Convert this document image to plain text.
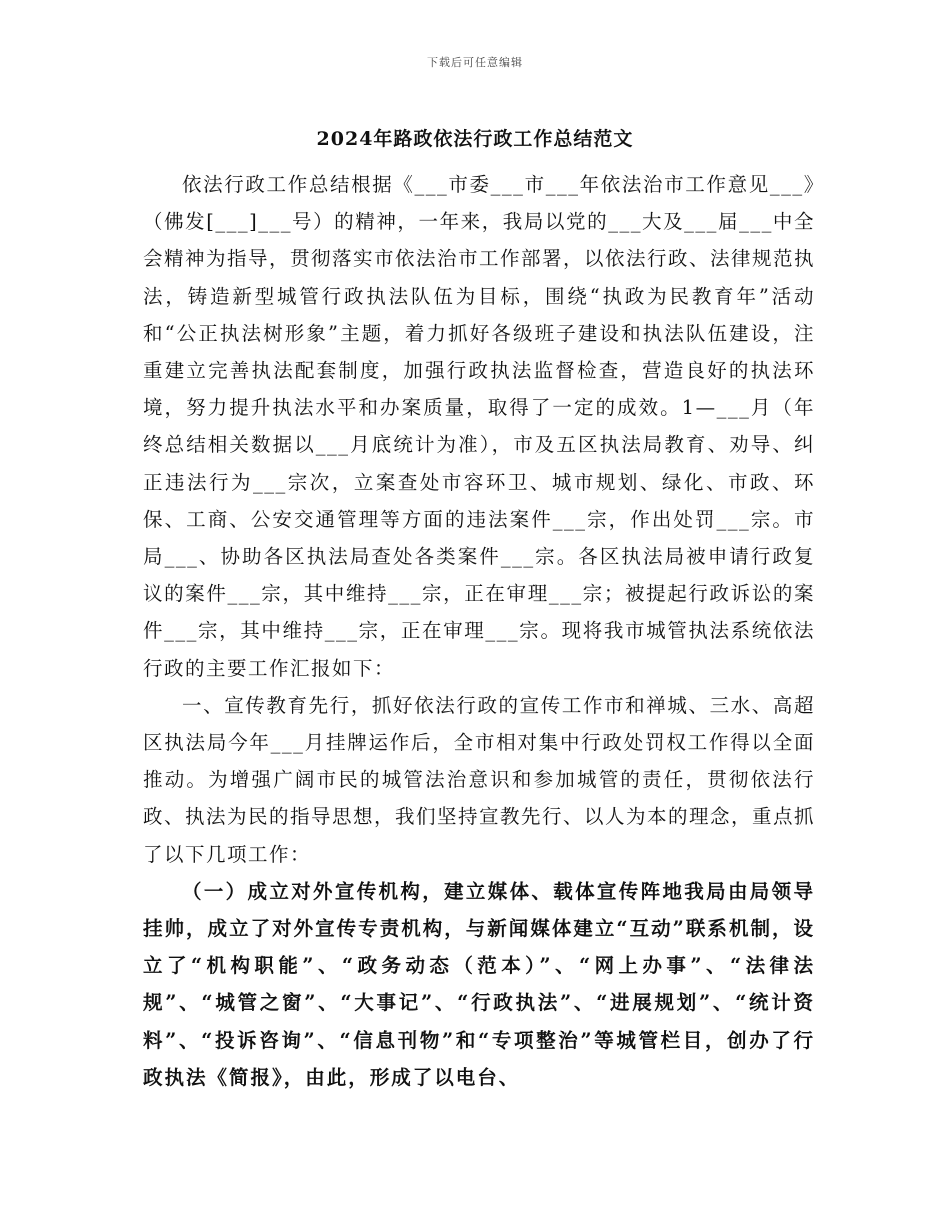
下载后可任意编辑
2024年路政依法行政工作总结范文

依法行政工作总结根据《___市委___市___年依法治市工作意见___》（佛发[___]___号）的精神，一年来，我局以党的___大及___届___中全会精神为指导，贯彻落实市依法治市工作部署，以依法行政、法律规范执法，铸造新型城管行政执法队伍为目标，围绕“执政为民教育年”活动和“公正执法树形象”主题，着力抓好各级班子建设和执法队伍建设，注重建立完善执法配套制度，加强行政执法监督检查，营造良好的执法环境，努力提升执法水平和办案质量，取得了一定的成效。1—___月（年终总结相关数据以___月底统计为准），市及五区执法局教育、劝导、纠正违法行为___宗次，立案查处市容环卫、城市规划、绿化、市政、环保、工商、公安交通管理等方面的违法案件___宗，作出处罚___宗。市局___、协助各区执法局查处各类案件___宗。各区执法局被申请行政复议的案件___宗，其中维持___宗，正在审理___宗；被提起行政诉讼的案件___宗，其中维持___宗，正在审理___宗。现将我市城管执法系统依法行政的主要工作汇报如下：

一、宣传教育先行，抓好依法行政的宣传工作市和禅城、三水、高超区执法局今年___月挂牌运作后，全市相对集中行政处罚权工作得以全面推动。为增强广阔市民的城管法治意识和参加城管的责任，贯彻依法行政、执法为民的指导思想，我们坚持宣教先行、以人为本的理念，重点抓了以下几项工作：

（一）成立对外宣传机构，建立媒体、载体宣传阵地我局由局领导挂帅，成立了对外宣传专责机构，与新闻媒体建立“互动”联系机制，设立了“机构职能”、“政务动态（范本）”、“网上办事”、“法律法规”、“城管之窗”、“大事记”、“行政执法”、“进展规划”、“统计资料”、“投诉咨询”、“信息刊物”和“专项整治”等城管栏目，创办了行政执法《简报》，由此，形成了以电台、
